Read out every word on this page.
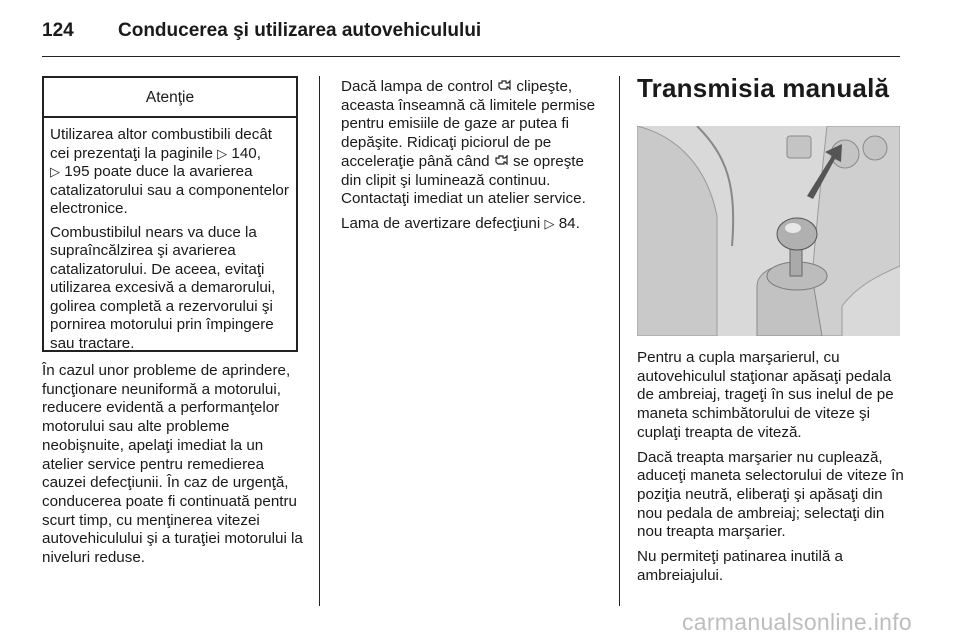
124 Conducerea şi utilizarea autovehiculului
Atenţie

Utilizarea altor combustibili decât cei prezentaţi la paginile ▷ 140,
▷ 195 poate duce la avarierea catalizatorului sau a componentelor electronice.

Combustibilul nears va duce la supraîncălzirea şi avarierea catalizatorului. De aceea, evitaţi utilizarea excesivă a demarorului, golirea completă a rezervorului şi pornirea motorului prin împingere sau tractare.

În cazul unor probleme de aprindere, funcţionare neuniformă a motorului, reducere evidentă a performanţelor motorului sau alte probleme neobişnuite, apelaţi imediat la un atelier service pentru remedierea cauzei defecţiunii. În caz de urgenţă, conducerea poate fi continuată pentru scurt timp, cu menţinerea vitezei autovehiculului şi a turaţiei motorului la niveluri reduse.

Dacă lampa de control  clipeşte, aceasta înseamnă că limitele permise pentru emisiile de gaze ar putea fi depăşite. Ridicaţi piciorul de pe acceleraţie până când  se opreşte din clipit şi luminează continuu. Contactaţi imediat un atelier service.

Lama de avertizare defecţiuni ▷ 84.

Transmisia manuală

Pentru a cupla marşarierul, cu autovehiculul staţionar apăsaţi pedala de ambreiaj, trageţi în sus inelul de pe maneta schimbătorului de viteze şi cuplaţi treapta de viteză.

Dacă treapta marşarier nu cuplează, aduceţi maneta selectorului de viteze în poziţia neutră, eliberaţi şi apăsaţi din nou pedala de ambreiaj; selectaţi din nou treapta marşarier.

Nu permiteţi patinarea inutilă a ambreiajului.

carmanualsonline.info
